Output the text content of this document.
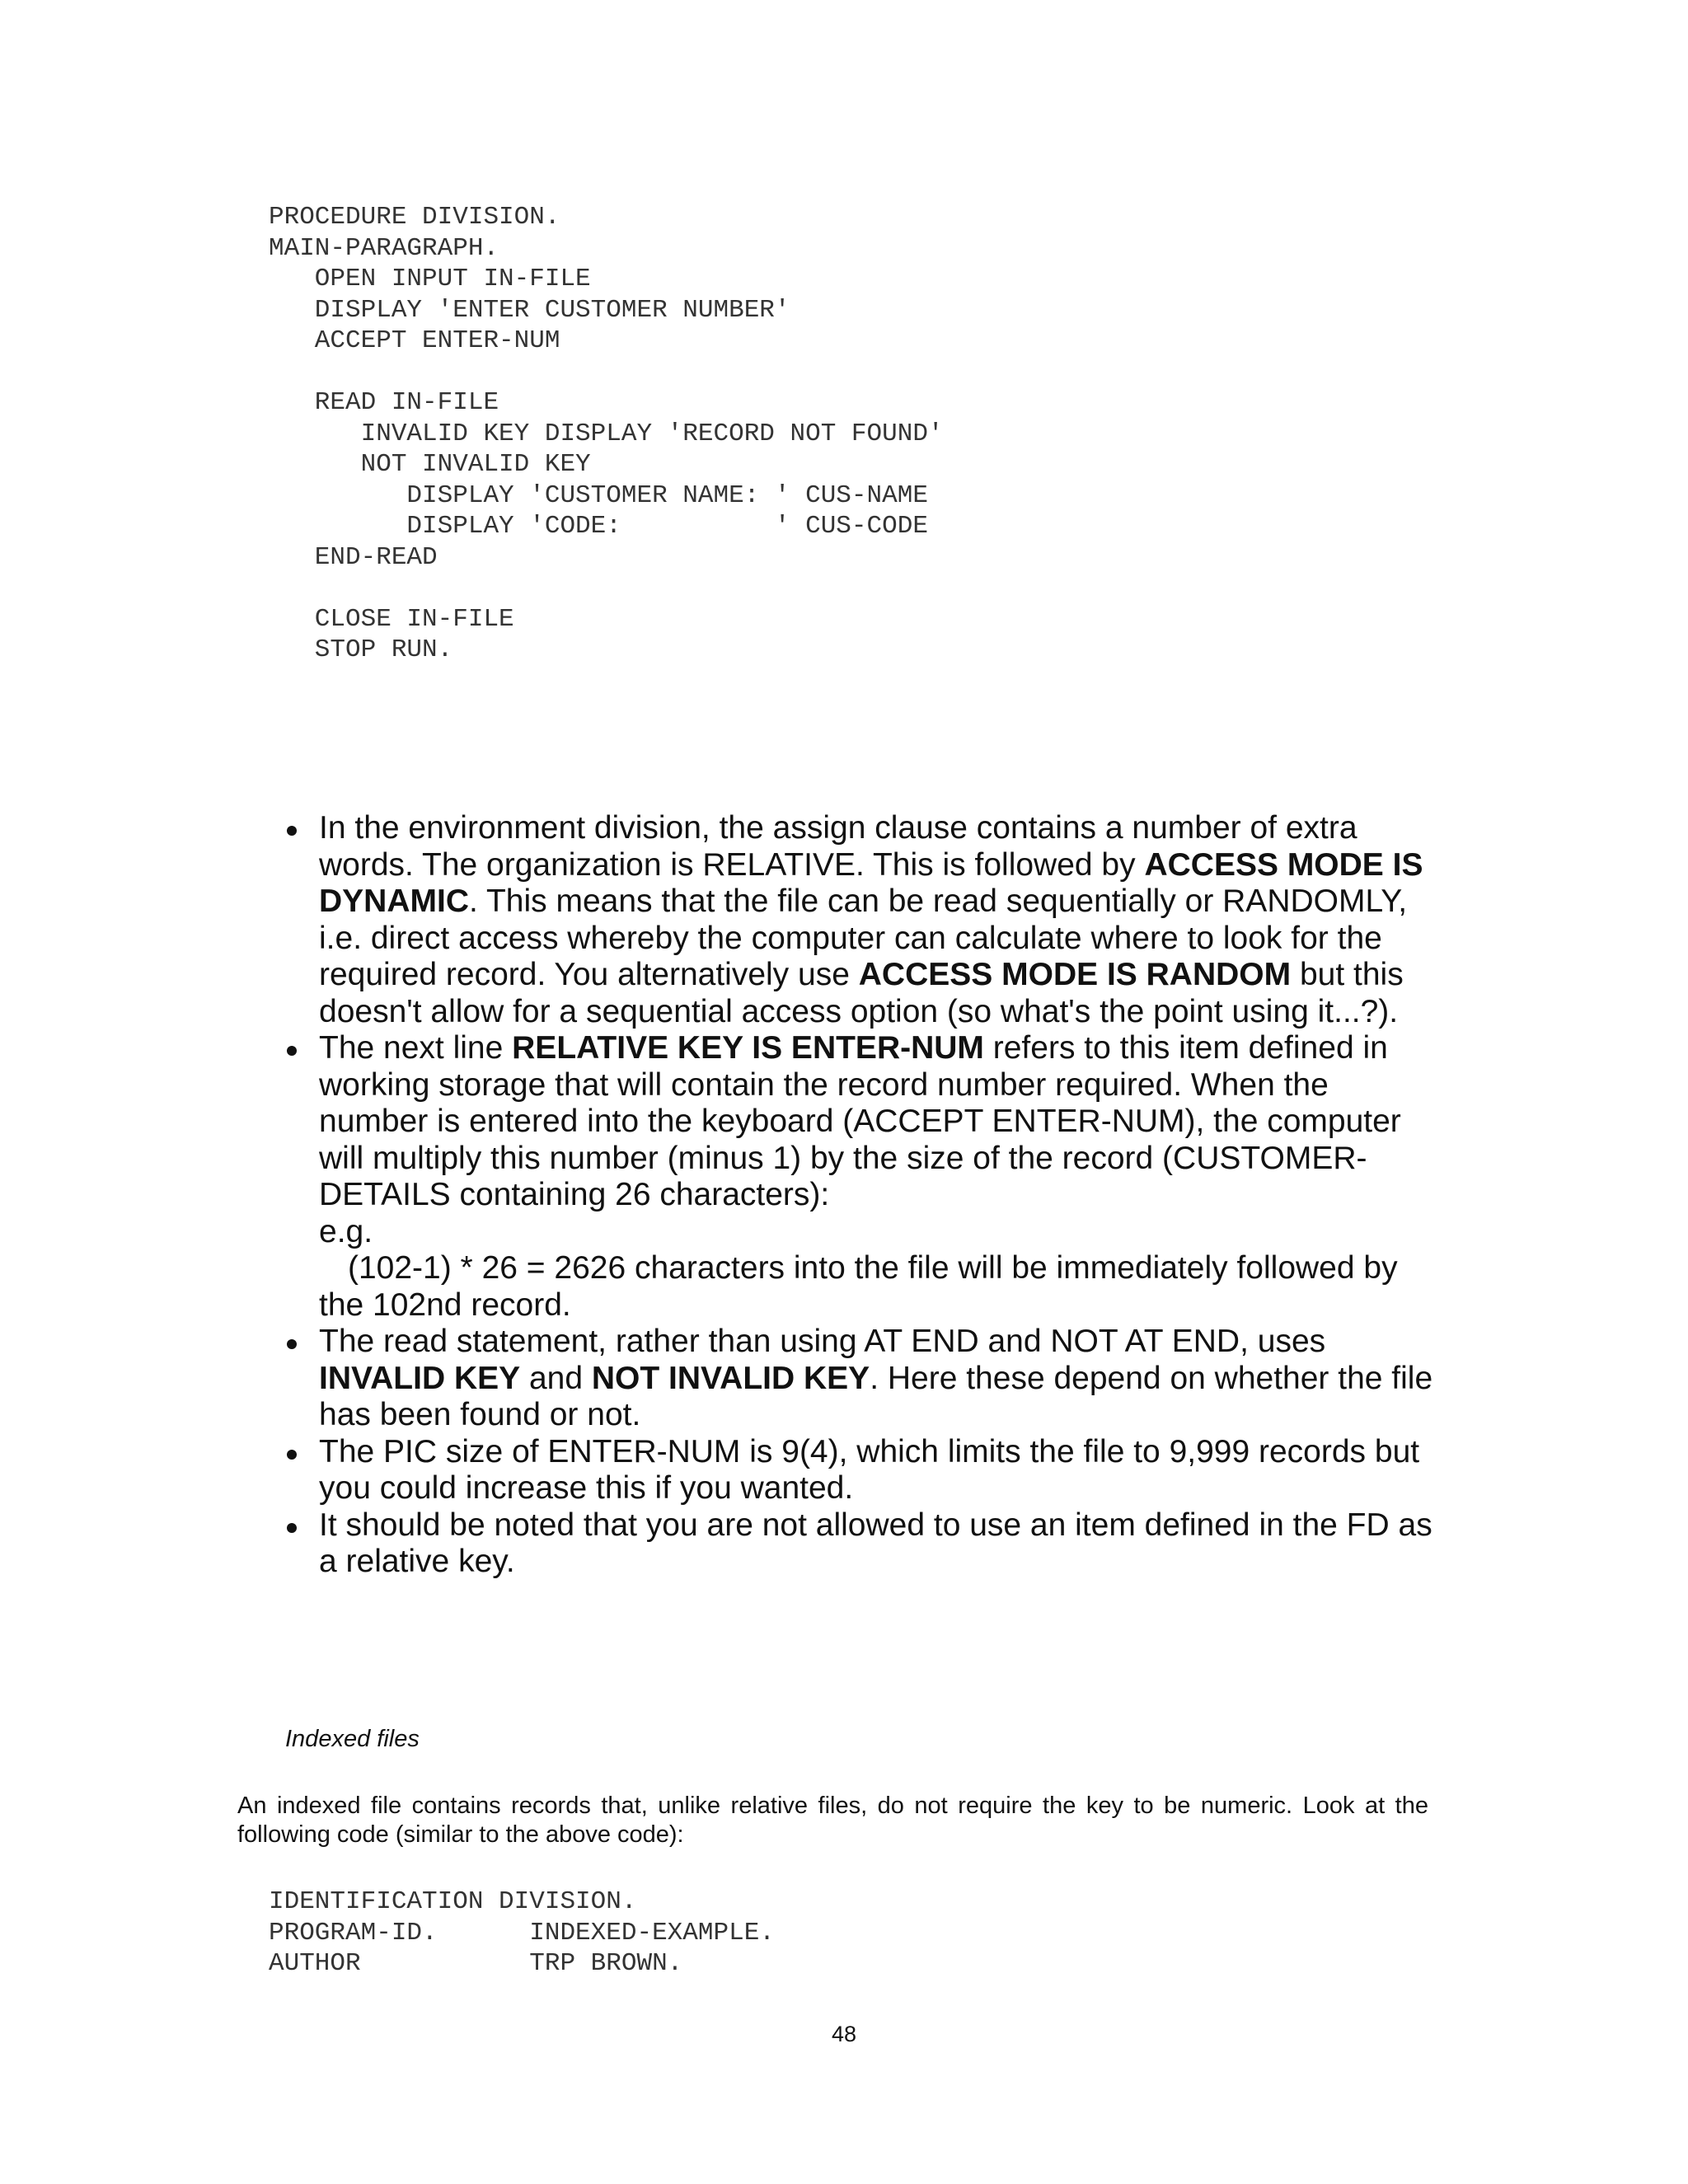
PROCEDURE DIVISION.
MAIN-PARAGRAPH.
OPEN INPUT IN-FILE
DISPLAY 'ENTER CUSTOMER NUMBER'
ACCEPT ENTER-NUM
READ IN-FILE
INVALID KEY DISPLAY 'RECORD NOT FOUND'
NOT INVALID KEY
DISPLAY 'CUSTOMER NAME: ' CUS-NAME
DISPLAY 'CODE:          ' CUS-CODE
END-READ
CLOSE IN-FILE
STOP RUN.
In the environment division, the assign clause contains a number of extra words. The organization is RELATIVE. This is followed by ACCESS MODE IS DYNAMIC. This means that the file can be read sequentially or RANDOMLY, i.e. direct access whereby the computer can calculate where to look for the required record. You alternatively use ACCESS MODE IS RANDOM but this doesn't allow for a sequential access option (so what's the point using it...?).
The next line RELATIVE KEY IS ENTER-NUM refers to this item defined in working storage that will contain the record number required. When the number is entered into the keyboard (ACCEPT ENTER-NUM), the computer will multiply this number (minus 1) by the size of the record (CUSTOMER-DETAILS containing 26 characters):
e.g.
(102-1) * 26 = 2626 characters into the file will be immediately followed by
the 102nd record.
The read statement, rather than using AT END and NOT AT END, uses INVALID KEY and NOT INVALID KEY. Here these depend on whether the file has been found or not.
The PIC size of ENTER-NUM is 9(4), which limits the file to 9,999 records but you could increase this if you wanted.
It should be noted that you are not allowed to use an item defined in the FD as a relative key.
Indexed files

An indexed file contains records that, unlike relative files, do not require the key to be numeric. Look at the following code (similar to the above code):

IDENTIFICATION DIVISION.
PROGRAM-ID.      INDEXED-EXAMPLE.
AUTHOR           TRP BROWN.
48
